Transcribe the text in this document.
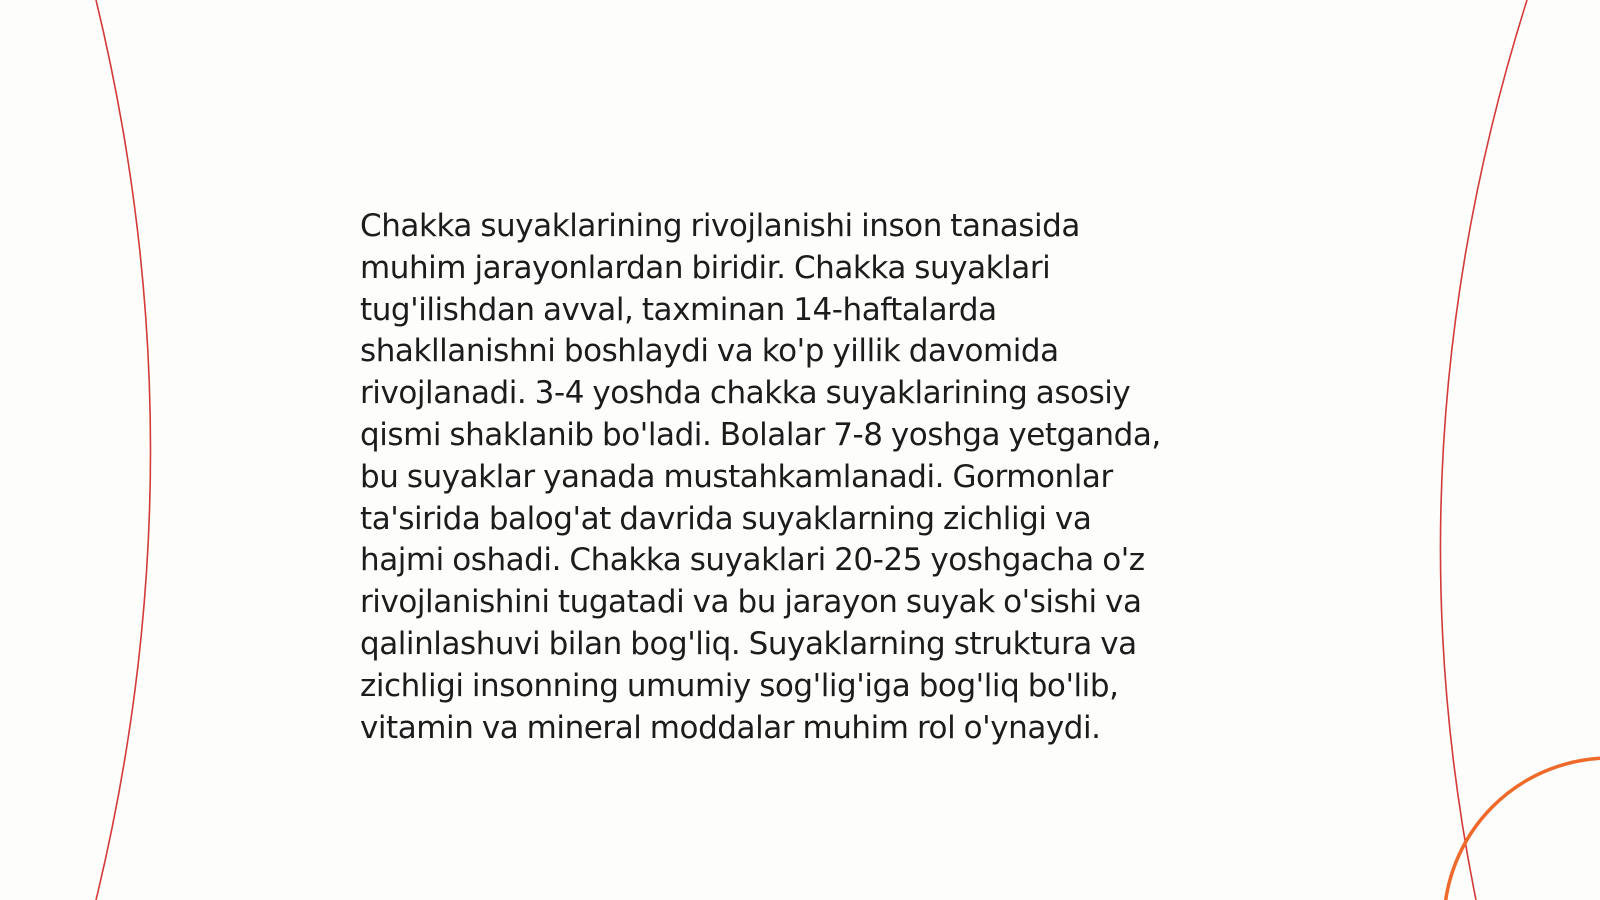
Chakka suyaklarining rivojlanishi inson tanasida
muhim jarayonlardan biridir. Chakka suyaklari
tug'ilishdan avval, taxminan 14-haftalarda
shakllanishni boshlaydi va ko'p yillik davomida
rivojlanadi. 3-4 yoshda chakka suyaklarining asosiy
qismi shaklanib bo'ladi. Bolalar 7-8 yoshga yetganda,
bu suyaklar yanada mustahkamlanadi. Gormonlar
ta'sirida balog'at davrida suyaklarning zichligi va
hajmi oshadi. Chakka suyaklari 20-25 yoshgacha o'z
rivojlanishini tugatadi va bu jarayon suyak o'sishi va
qalinlashuvi bilan bog'liq. Suyaklarning struktura va
zichligi insonning umumiy sog'lig'iga bog'liq bo'lib,
vitamin va mineral moddalar muhim rol o'ynaydi.
